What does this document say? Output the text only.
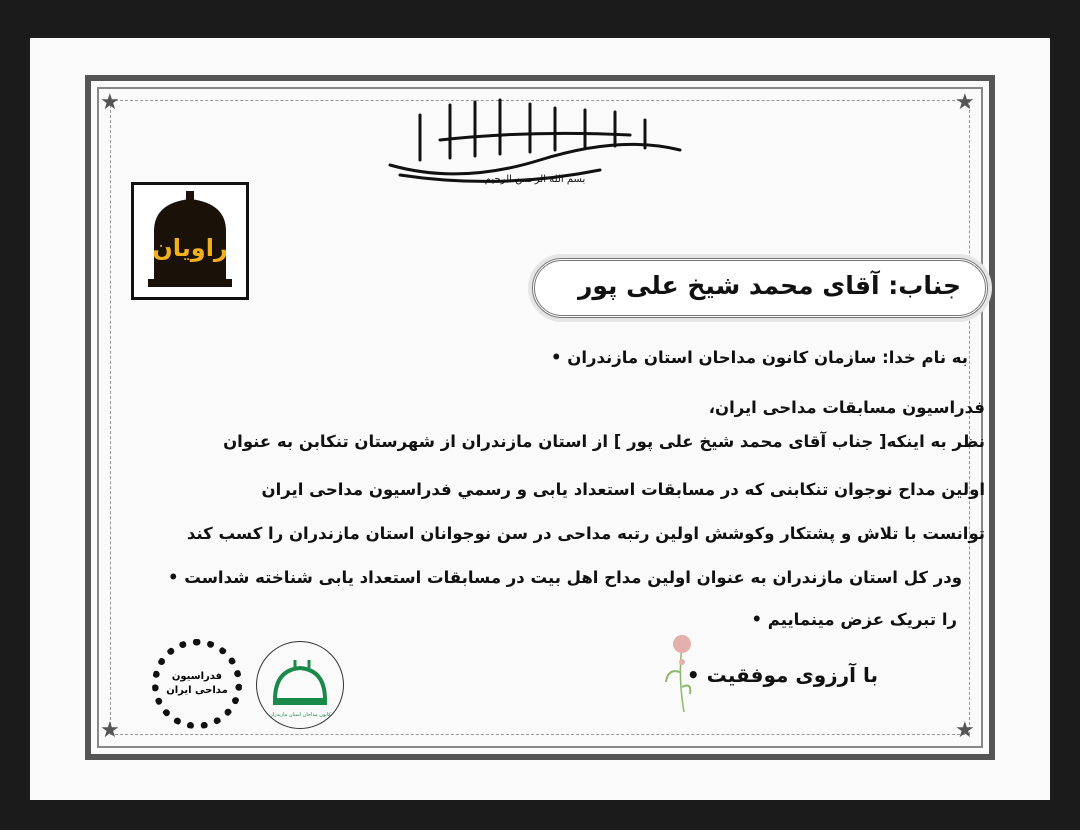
★	★
★	★
بسم الله الرحمن الرحیم
راویان
جناب: آقای محمد شیخ علی پور
به نام خدا: سازمان کانون مداحان استان مازندران •
فدراسیون مسابقات مداحی ایران،
نظر به اینکه[ جناب آقای محمد شیخ علی پور ] از استان مازندران از شهرستان تنکابن به عنوان
اولین مداح نوجوان تنکابنی که در مسابقات استعداد یابی و رسمي فدراسیون مداحی ایران
توانست با تلاش و پشتکار وکوشش اولین رتبه مداحی در سن نوجوانان استان مازندران را کسب کند
ودر کل استان مازندران به عنوان اولین مداح اهل بیت در مسابقات استعداد یابی شناخته شداست •
را تبریک عزض مینماییم •
با آرزوی موفقیت •
فدراسیون
مداحی ایران
کانون مداحان استان مازندران
